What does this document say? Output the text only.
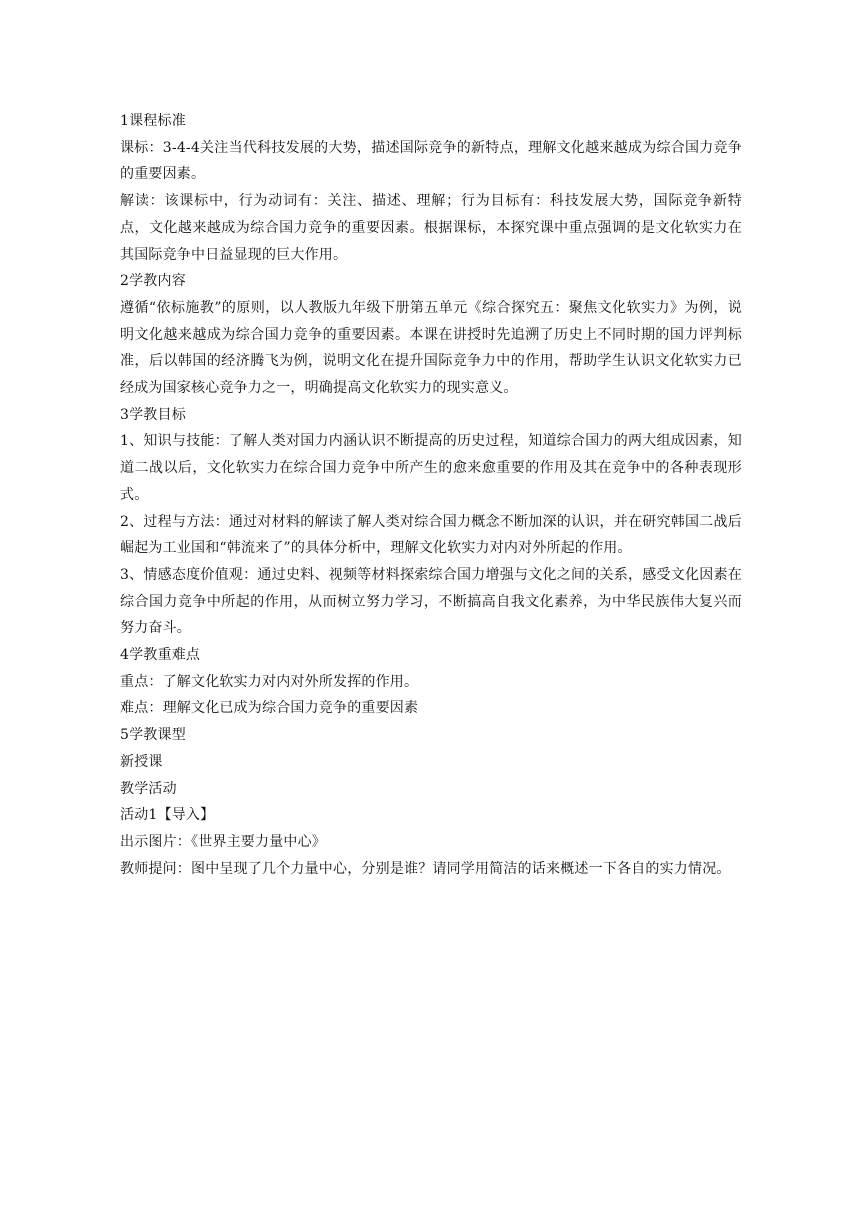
1课程标准

课标：3-4-4关注当代科技发展的大势，描述国际竞争的新特点，理解文化越来越成为综合国力竞争的重要因素。

解读：该课标中，行为动词有：关注、描述、理解；行为目标有：科技发展大势，国际竞争新特点，文化越来越成为综合国力竞争的重要因素。根据课标，本探究课中重点强调的是文化软实力在其国际竞争中日益显现的巨大作用。

2学教内容

遵循“依标施教”的原则，以人教版九年级下册第五单元《综合探究五：聚焦文化软实力》为例，说明文化越来越成为综合国力竞争的重要因素。本课在讲授时先追溯了历史上不同时期的国力评判标准，后以韩国的经济腾飞为例，说明文化在提升国际竞争力中的作用，帮助学生认识文化软实力已经成为国家核心竞争力之一，明确提高文化软实力的现实意义。

3学教目标

1、知识与技能：了解人类对国力内涵认识不断提高的历史过程，知道综合国力的两大组成因素，知道二战以后，文化软实力在综合国力竞争中所产生的愈来愈重要的作用及其在竞争中的各种表现形式。

2、过程与方法：通过对材料的解读了解人类对综合国力概念不断加深的认识，并在研究韩国二战后崛起为工业国和“韩流来了”的具体分析中，理解文化软实力对内对外所起的作用。

3、情感态度价值观：通过史料、视频等材料探索综合国力增强与文化之间的关系，感受文化因素在综合国力竞争中所起的作用，从而树立努力学习，不断搞高自我文化素养，为中华民族伟大复兴而努力奋斗。

4学教重难点

重点：了解文化软实力对内对外所发挥的作用。

难点：理解文化已成为综合国力竞争的重要因素

5学教课型

新授课

教学活动

活动1【导入】

出示图片：《世界主要力量中心》

教师提问：图中呈现了几个力量中心，分别是谁？请同学用简洁的话来概述一下各自的实力情况。
